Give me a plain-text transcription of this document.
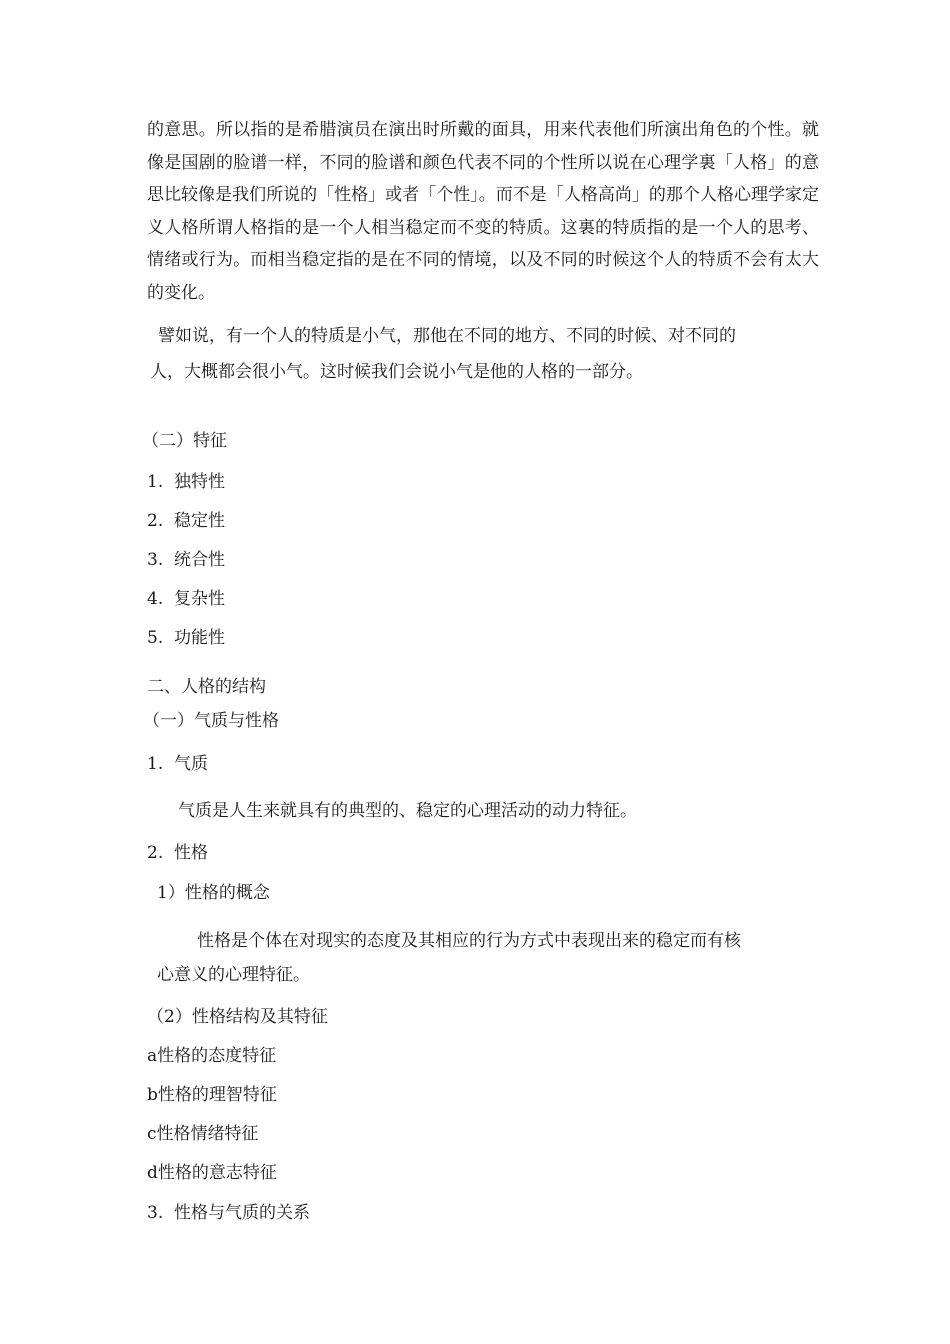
的意思。所以指的是希腊演员在演出时所戴的面具，用来代表他们所演出角色的个性。就像是国剧的脸谱一样，不同的脸谱和颜色代表不同的个性所以说在心理学裏「人格」的意思比较像是我们所说的「性格」或者「个性」。而不是「人格高尚」的那个人格心理学家定义人格所谓人格指的是一个人相当稳定而不变的特质。这裏的特质指的是一个人的思考、情绪或行为。而相当稳定指的是在不同的情境，以及不同的时候这个人的特质不会有太大的变化。
譬如说，有一个人的特质是小气，那他在不同的地方、不同的时候、对不同的
人，大概都会很小气。这时候我们会说小气是他的人格的一部分。
（二）特征
1. 独特性
2. 稳定性
3. 统合性
4. 复杂性
5. 功能性
二、人格的结构
（一）气质与性格
1. 气质
气质是人生来就具有的典型的、稳定的心理活动的动力特征。
2. 性格
1）性格的概念
性格是个体在对现实的态度及其相应的行为方式中表现出来的稳定而有核
心意义的心理特征。
（2）性格结构及其特征
a性格的态度特征
b性格的理智特征
c性格情绪特征
d性格的意志特征
3. 性格与气质的关系
